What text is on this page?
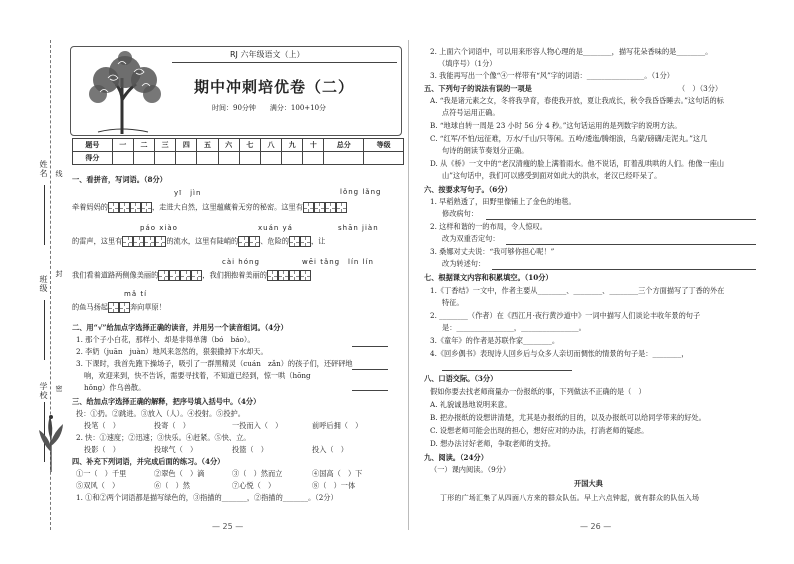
姓名
班级
学校
线
封
密
RJ 六年级语文（上）
期中冲刺培优卷（二）
时间：90分钟　　满分：100+10分
题号	一	二	三	四	五	六	七	八	九	十	总分	等级
得分												
一、看拼音，写词语。（8分）
yī　jìn	lǒng lǎng
牵着妈妈的	，走进大自然，这里蕴藏着无穷的秘密。这里有
páo xiào	xuán yá	shān jiàn
的雷声，这里有	的流水，这里有陡峭的	、危险的	，让
cài hóng	wēi tǎng lín lín
我们看着道路两侧像美丽的	，我们拥抱着美丽的
mǎ tí
的鱼马扬起	奔向草原！
二、用“√”给加点字选择正确的读音，并用另一个读音组词。（4分）
1. 那个子小白花，那样小、却是非得单薄（bó　báo）。
2. 李奶（juān　juàn）地风来忽然的，狠狠撒掉下水却天。
3. 下课时，我首先跑下操场子，吸引了一群黑精灵（cuán　zǎn）的孩子们，还砰砰地
响，欢迎来到，快不告诉，需要寻找着，不知道已经到，惊一哄（hōng
hǒng）作乌兽散。
三、给加点字选择正确的解释，把序号填入括号中。（4分）
投：①扔。②跳进。③放入（人）。④投射。⑤投护。
投笔（　）	投寄（　）	一投而入（　）	前呼后拥（　）
2. 快：①速度；②迅速；③快乐。④赶紧。⑤快、立。
投影（　）	投球气（　）	投篮（　）	投入（　）
四、补充下列词语，并完成后面的练习。（4分）
①一（　）千里	②翠色（　）滴	③（　）然而立	④国高（　）下
⑤双风（　）	⑥（　）然	⑦心悦（　）	⑧（　）一体
1. ①和②两个词语都是描写绿色的，③指描的_______，②指描的_______。（2分）
— 25 —
2. 上面六个词语中，可以用来形容人物心理的是________，描写花朵香味的是________。
（填序号）（1分）
3. 我能再写出一个像“④一样带有“风”字的词语：________________。（1分）
五、下列句子的说法有误的一项是	（　）（3分）
A. “我是诸元素之女，冬将我孕育，春使我开放，夏让我成长，秋令我昏昏睡去。”这句话的标
点符号运用正确。
B. “地球自转一周是 23 小时 56 分 4 秒。”这句话运用的是列数字的说明方法。
C. “红军/不怕/远征难，万水/千山/只等闲。五岭/逶迤/腾细浪，乌蒙/磅礴/走泥丸。”这几
句诗的朗读节奏划分正确。
D. 从《桥》一文中的“老汉清瘦的脸上满着雨水。他不说话，盯着乱哄哄的人们。他像一座山
山”这句话中，我们可以感受到面对如此大的洪水，老汉已经吓呆了。
六、按要求写句子。（6分）
1. 早稻熟透了，田野里像铺上了金色的地毯。
修改病句：
2. 这样和谐的一的布局，令人惊叹。
改为双重否定句：
3. 桑娜对丈夫说：“我可够你担心呢！”
改为转述句：
七、根据课文内容和积累填空。（10分）
1.《丁香结》一文中，作者主要从________、________、________三个方面描写了丁香的外在
特征。
2. ________（作者）在《西江月·夜行黄沙道中》一词中描写人们谈论丰收年景的句子
是：________________，________________。
3.《童年》的作者是苏联作家________。
4.《回乡偶书》表现诗人回乡后与众多人亲切而惆怅的情景的句子是：________，
八、口语交际。（3分）
假如你要去找老师商量办一份报纸的事，下列做法不正确的是（　）
A. 礼貌诚恳地说明来意。
B. 把办报纸的设想讲清楚，尤其是办报纸的目的，以及办报纸可以给同学带来的好处。
C. 设想老师可能会出现的担心，想好应对的办法，打消老师的疑虑。
D. 想办法讨好老师，争取老师的支持。
九、阅读。（24分）
（一）课内阅读。（9分）
开国大典
丁形的广场汇集了从四面八方来的群众队伍。早上六点钟起，就有群众的队伍入场
— 26 —
